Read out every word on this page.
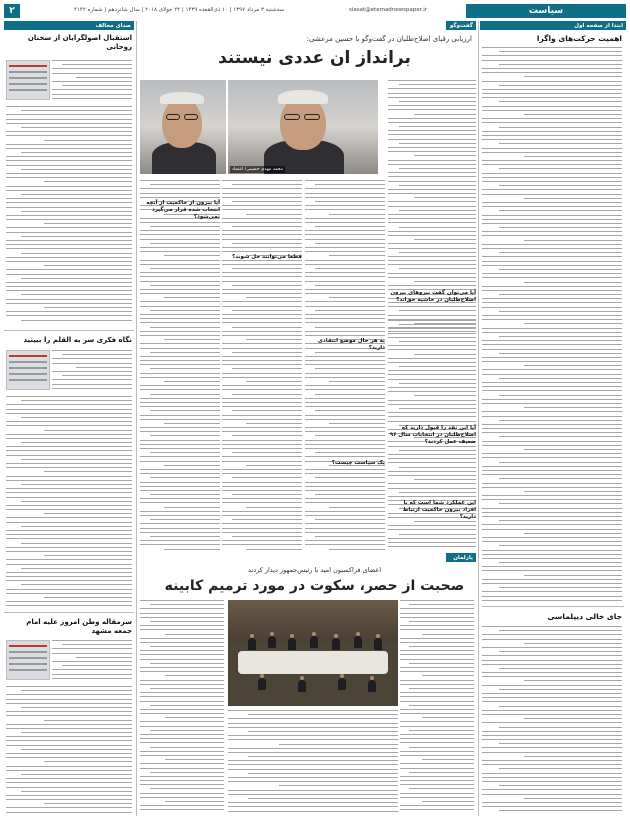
۲	سه‌شنبه ۳ مرداد ۱۳۹۷ | ۱۰ ذی‌القعده ۱۴۳۹ | ۲۴ جولای ۲۰۱۸ | سال شانزدهم | شماره ۴۱۴۲	siasat@etemadnewspaper.ir	سیاست
ابتدا از صفحه اول
اهمیت حرکت‌های واگرا
جای خالی دیپلماسی
گفت‌وگو
ارزیابی رقبای اصلاح‌طلبان در گفت‌وگو با حسین مرعشی:
برانداز ان عددی نیستند
آیا می‌توان گفت نیروهای بیرون اصلاح‌طلبان در حاشیه حق‌اند؟
آیا این نقد را قبول دارید که اصلاح‌طلبان در انتخابات سال ۹۶ ضعیف عمل کردند؟
این عملکرد شما است که با افراد بیرون حاکمیت ارتباط دارید؟
محمد مهدی حسینی/ اعتماد
به هر حال موضع انتقادی دارید؟
یک سیاست چیست؟
قطعا می‌توانند حل شوند؟
آیا بیرون از حاکمیت از آنچه انتخاب شده قرار می‌گیرد نمی‌شود؟
پارلمان
اعضای فراکسیون امید با رئیس‌جمهور دیدار کردند
صحبت از حصر، سکوت در مورد ترمیم کابینه
صدای مخالف
استقبال اصولگرایان از سخنان روحانی
نگاه فکری سر به القلم را ببینید
سرمقاله وطن امروز علیه امام جمعه مشهد
